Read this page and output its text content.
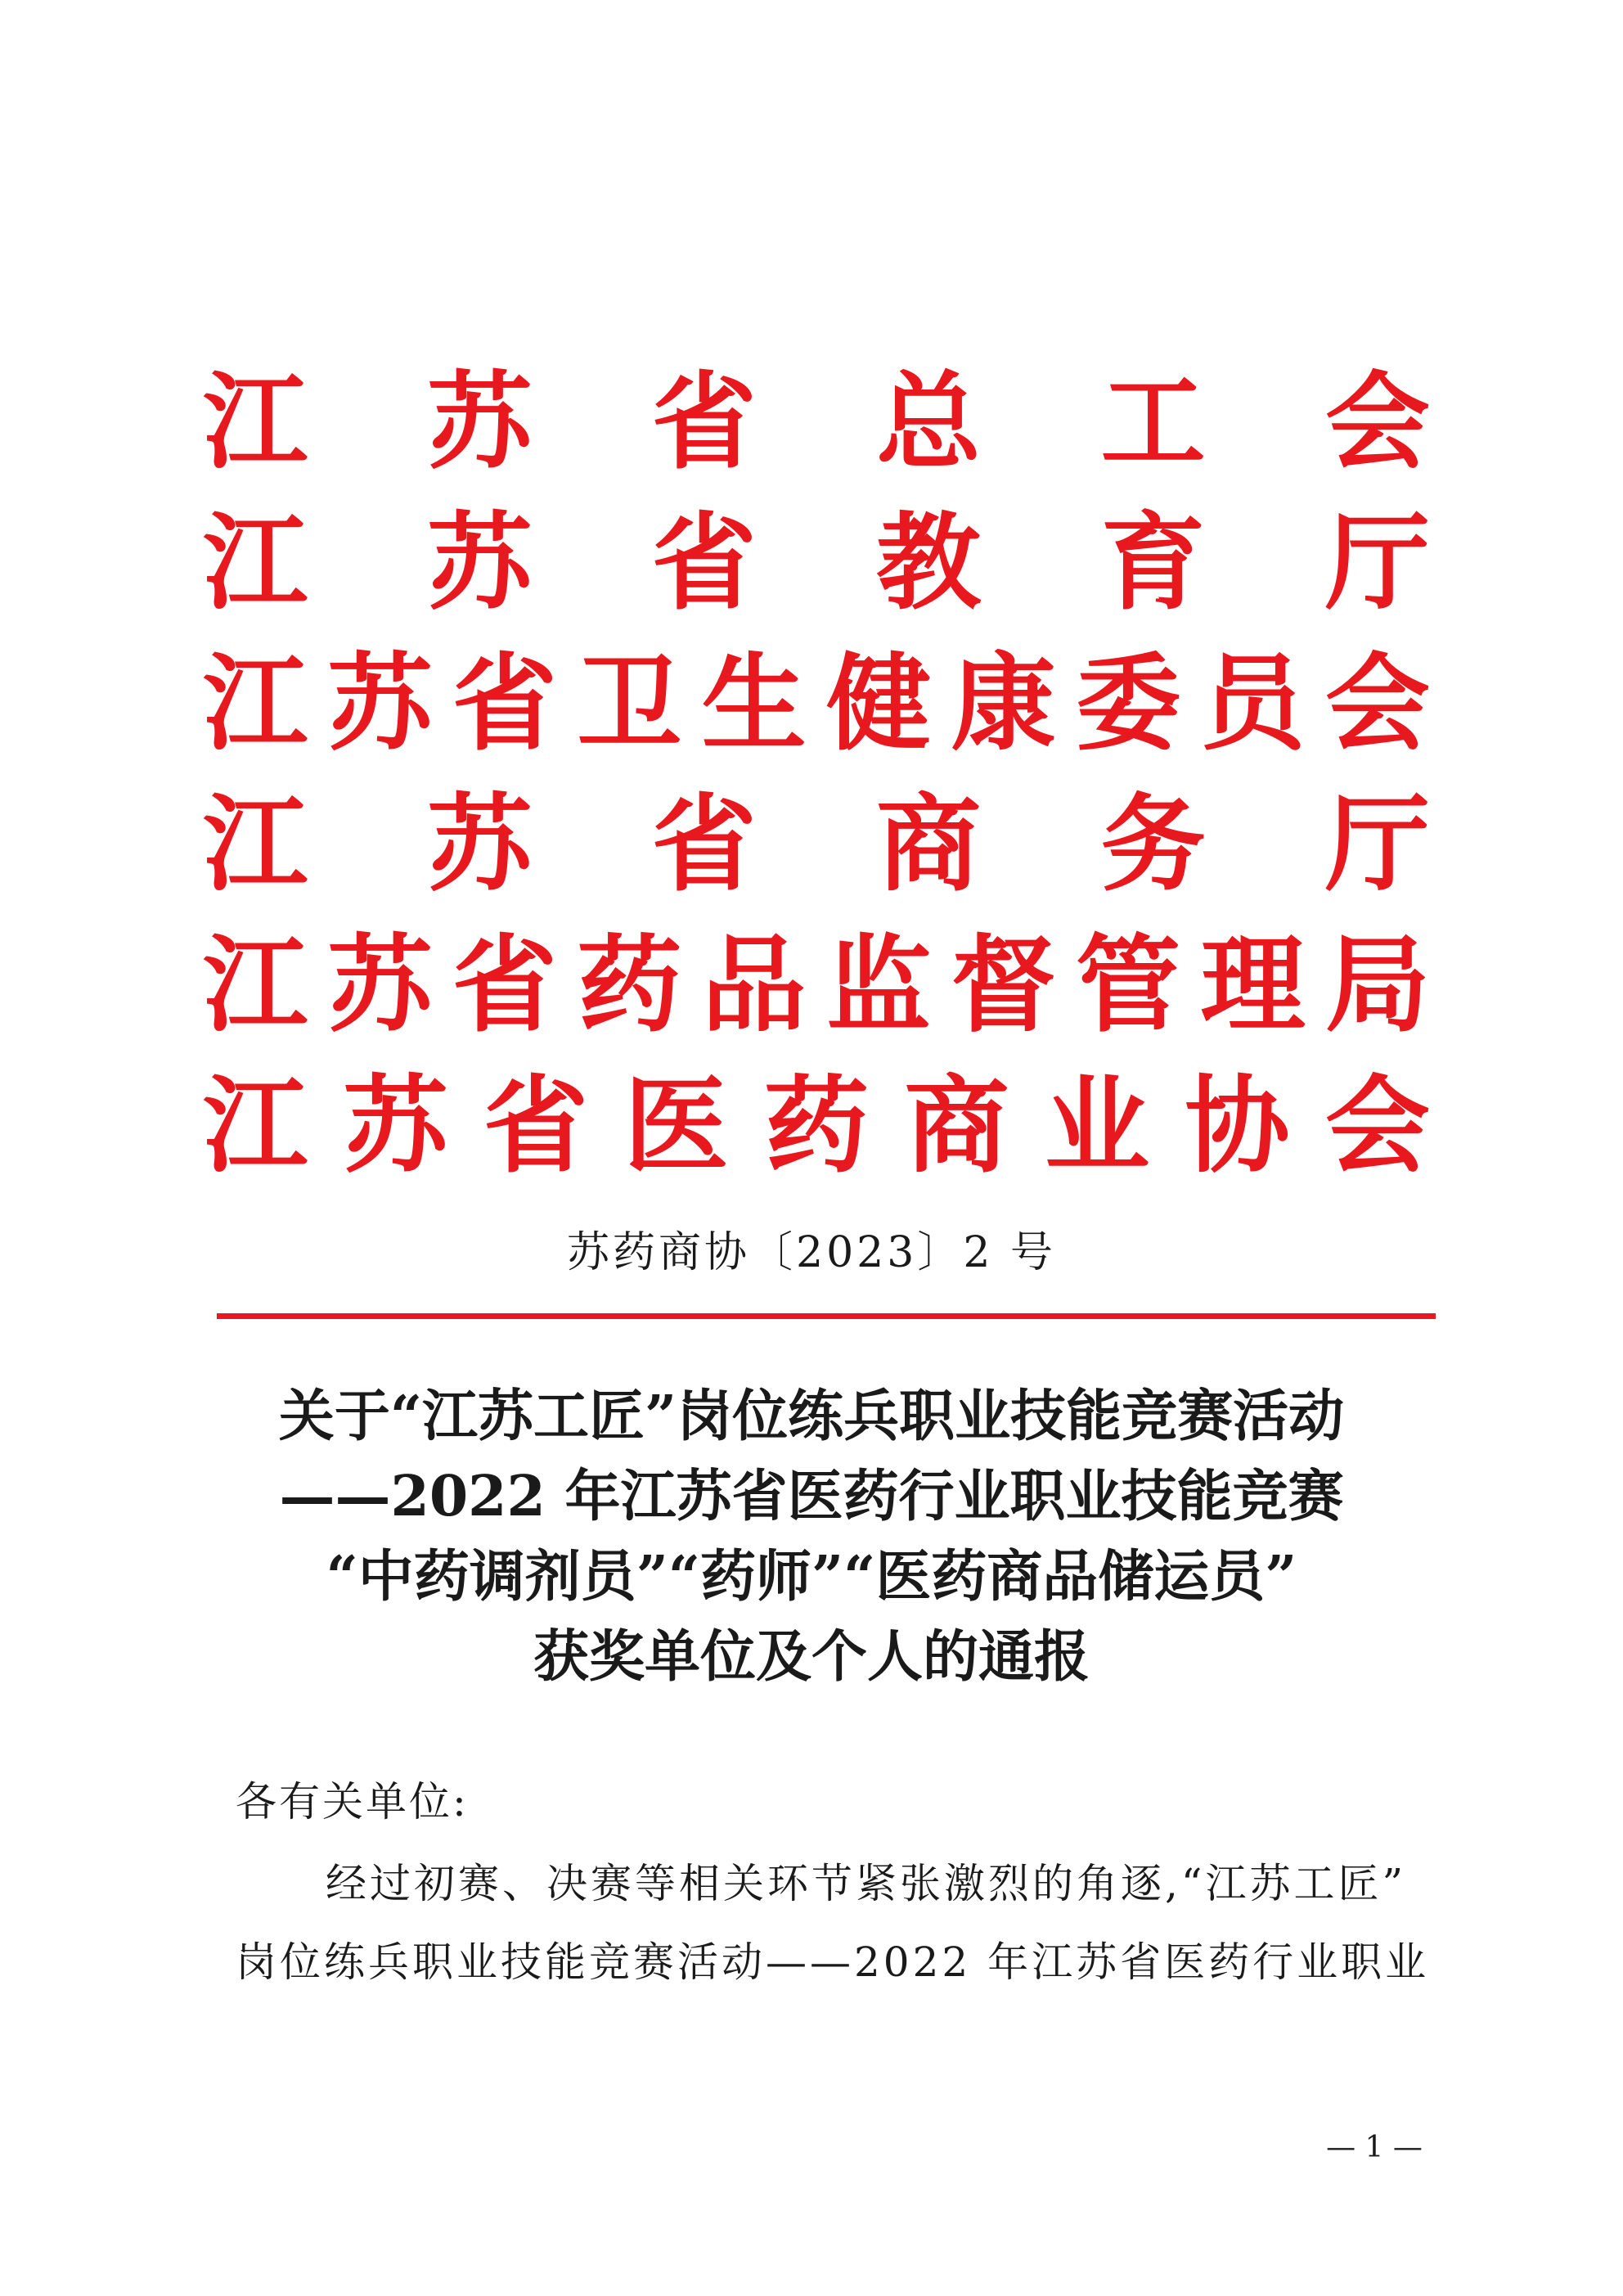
江 苏 省 总 工 会
江 苏 省 教 育 厅
江 苏 省 卫 生 健 康 委 员 会
江 苏 省 商 务 厅
江 苏 省 药 品 监 督 管 理 局
江 苏 省 医 药 商 业 协 会
苏药商协〔2023〕2 号
关于“江苏工匠”岗位练兵职业技能竞赛活动
——2022 年江苏省医药行业职业技能竞赛
“中药调剂员”“药师”“医药商品储运员”
获奖单位及个人的通报
各有关单位:
经过初赛、决赛等相关环节紧张激烈的角逐,“江苏工匠”
岗位练兵职业技能竞赛活动——2022 年江苏省医药行业职业
— 1 —
